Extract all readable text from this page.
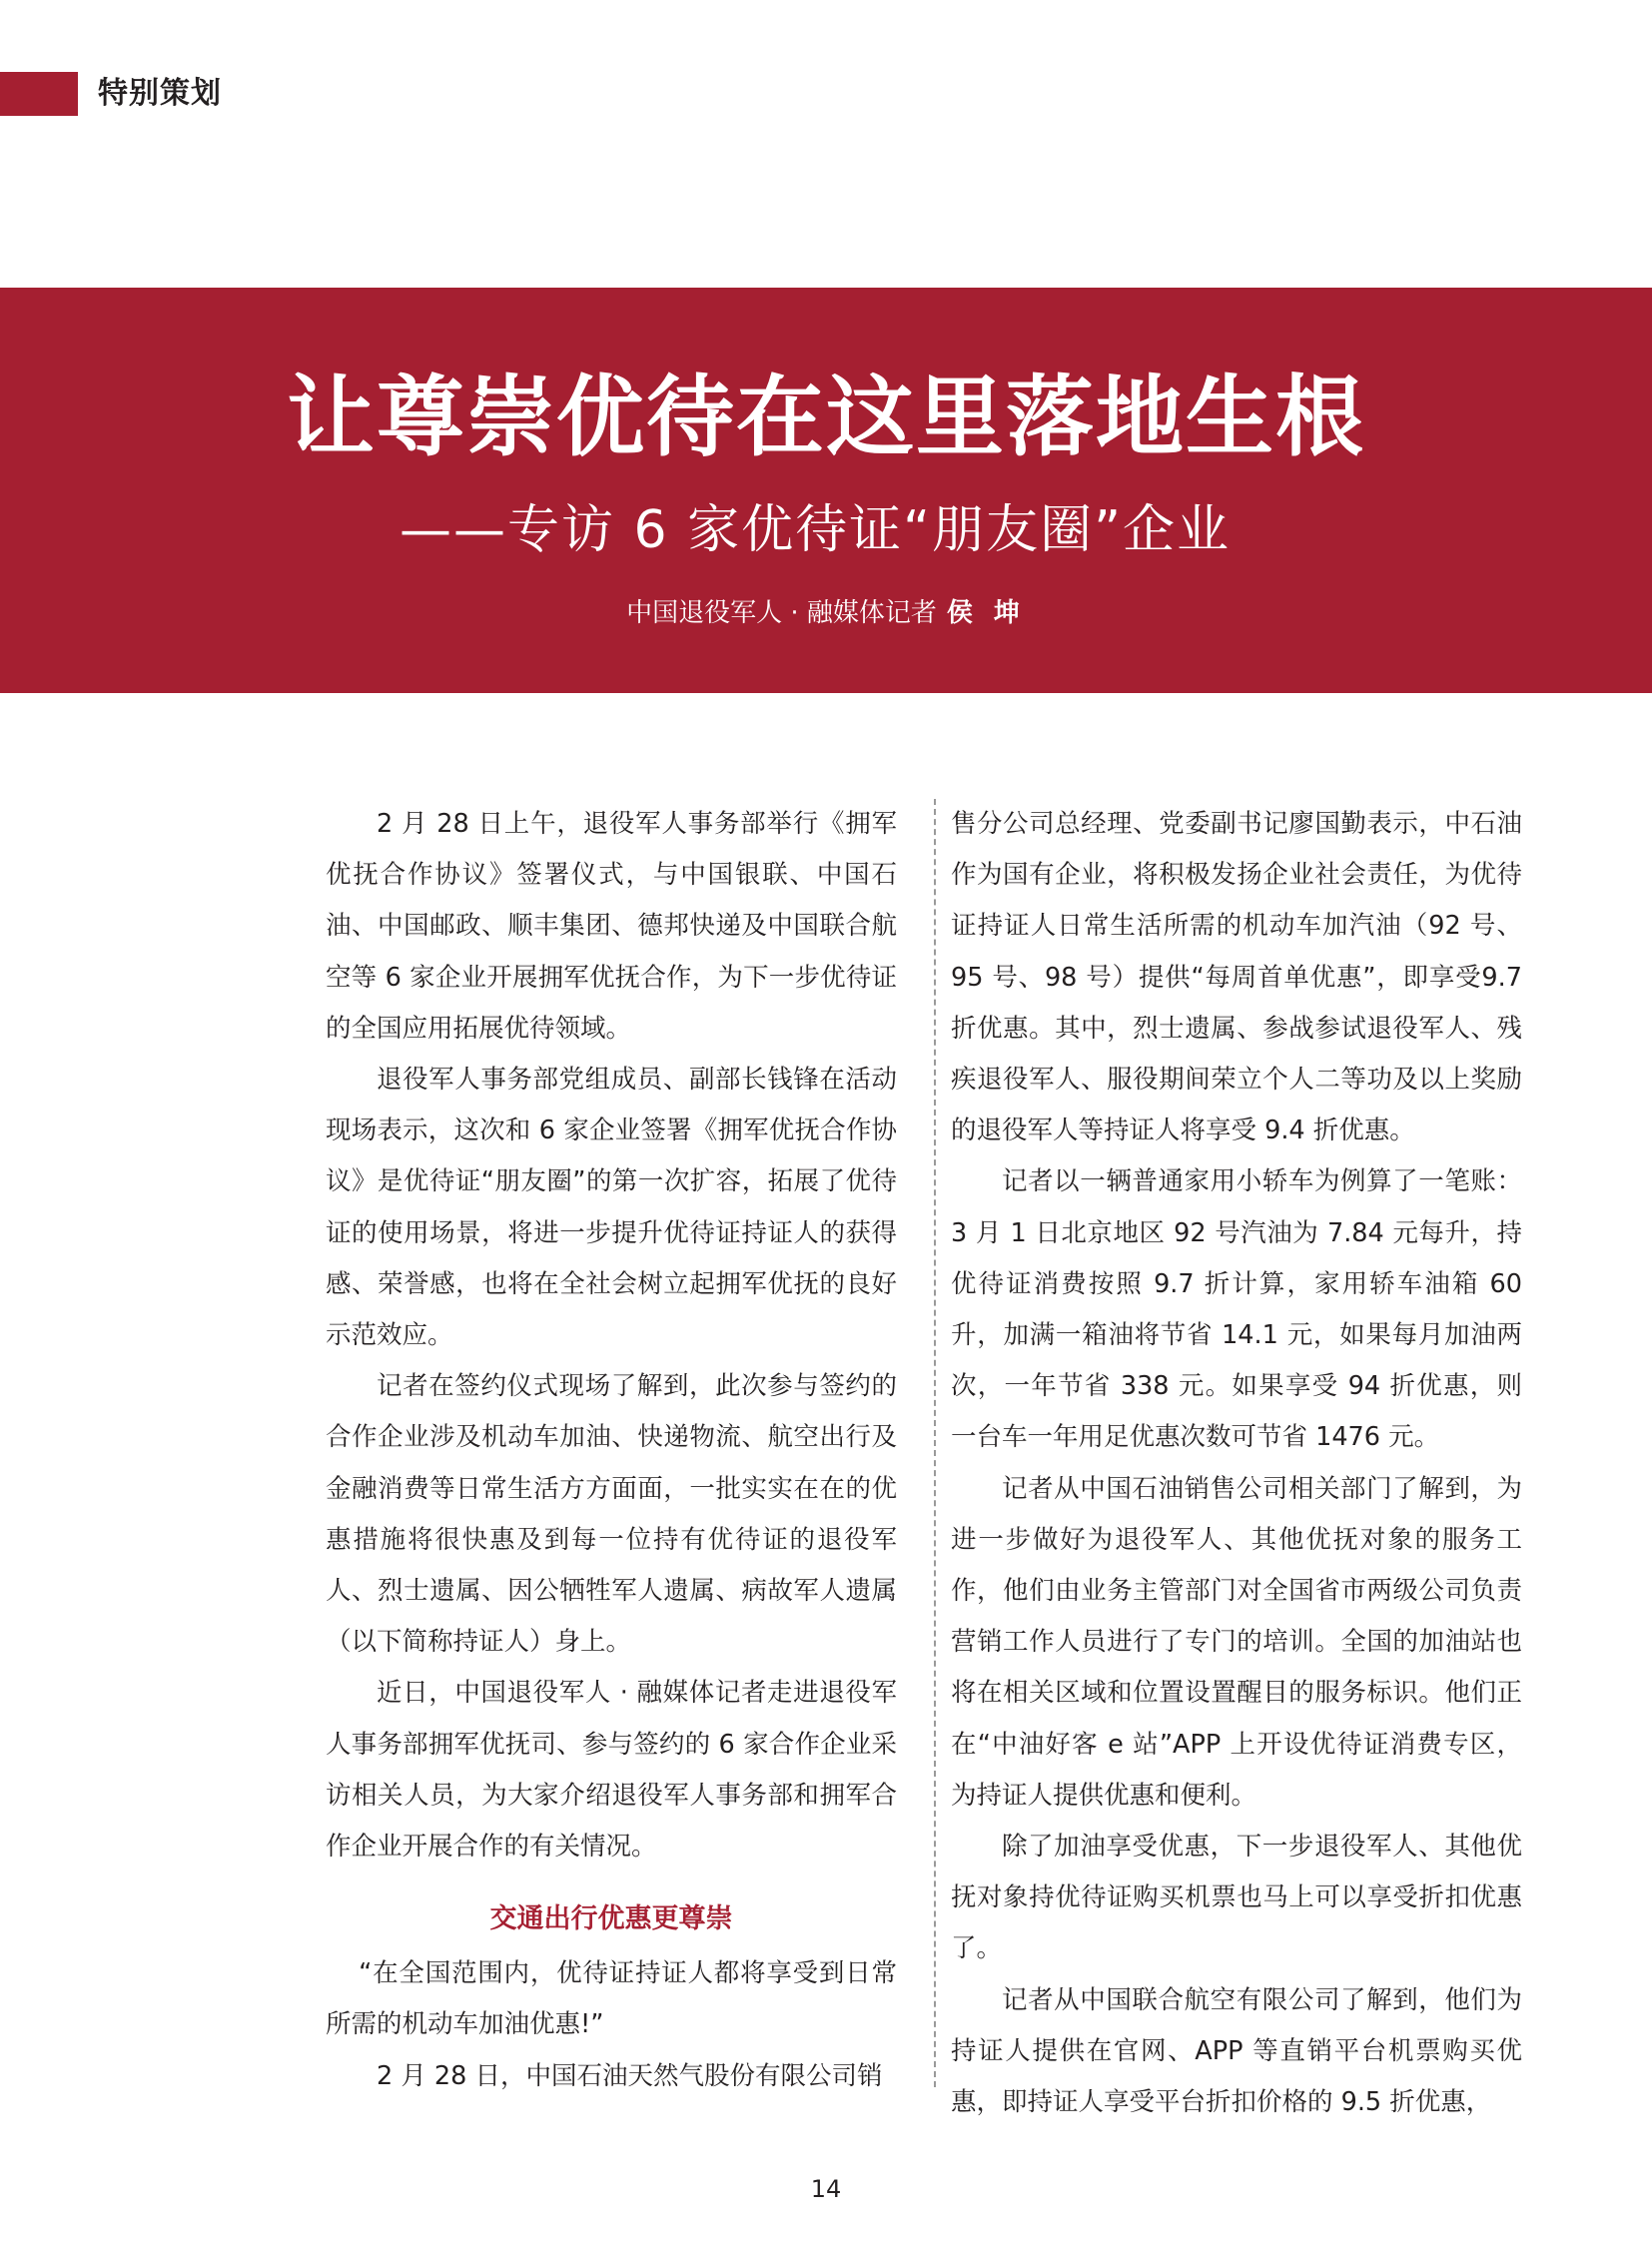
特别策划
让尊崇优待在这里落地生根
——专访 6 家优待证“朋友圈”企业
中国退役军人 · 融媒体记者 侯 坤

2 月 28 日上午，退役军人事务部举行《拥军优抚合作协议》签署仪式，与中国银联、中国石油、中国邮政、顺丰集团、德邦快递及中国联合航空等 6 家企业开展拥军优抚合作，为下一步优待证的全国应用拓展优待领域。

退役军人事务部党组成员、副部长钱锋在活动现场表示，这次和 6 家企业签署《拥军优抚合作协议》是优待证“朋友圈”的第一次扩容，拓展了优待证的使用场景，将进一步提升优待证持证人的获得感、荣誉感，也将在全社会树立起拥军优抚的良好示范效应。

记者在签约仪式现场了解到，此次参与签约的合作企业涉及机动车加油、快递物流、航空出行及金融消费等日常生活方方面面，一批实实在在的优惠措施将很快惠及到每一位持有优待证的退役军人、烈士遗属、因公牺牲军人遗属、病故军人遗属（以下简称持证人）身上。

近日，中国退役军人 · 融媒体记者走进退役军人事务部拥军优抚司、参与签约的 6 家合作企业采访相关人员，为大家介绍退役军人事务部和拥军合作企业开展合作的有关情况。

交通出行优惠更尊崇

“在全国范围内，优待证持证人都将享受到日常所需的机动车加油优惠!”

2 月 28 日，中国石油天然气股份有限公司销

售分公司总经理、党委副书记廖国勤表示，中石油作为国有企业，将积极发扬企业社会责任，为优待证持证人日常生活所需的机动车加汽油（92 号、95 号、98 号）提供“每周首单优惠”，即享受9.7折优惠。其中，烈士遗属、参战参试退役军人、残疾退役军人、服役期间荣立个人二等功及以上奖励的退役军人等持证人将享受 9.4 折优惠。

记者以一辆普通家用小轿车为例算了一笔账：3 月 1 日北京地区 92 号汽油为 7.84 元每升，持优待证消费按照 9.7 折计算，家用轿车油箱 60 升，加满一箱油将节省 14.1 元，如果每月加油两次，一年节省 338 元。如果享受 94 折优惠，则一台车一年用足优惠次数可节省 1476 元。

记者从中国石油销售公司相关部门了解到，为进一步做好为退役军人、其他优抚对象的服务工作，他们由业务主管部门对全国省市两级公司负责营销工作人员进行了专门的培训。全国的加油站也将在相关区域和位置设置醒目的服务标识。他们正在“中油好客 e 站”APP 上开设优待证消费专区，为持证人提供优惠和便利。

除了加油享受优惠，下一步退役军人、其他优抚对象持优待证购买机票也马上可以享受折扣优惠了。

记者从中国联合航空有限公司了解到，他们为持证人提供在官网、APP 等直销平台机票购买优惠，即持证人享受平台折扣价格的 9.5 折优惠，

14
